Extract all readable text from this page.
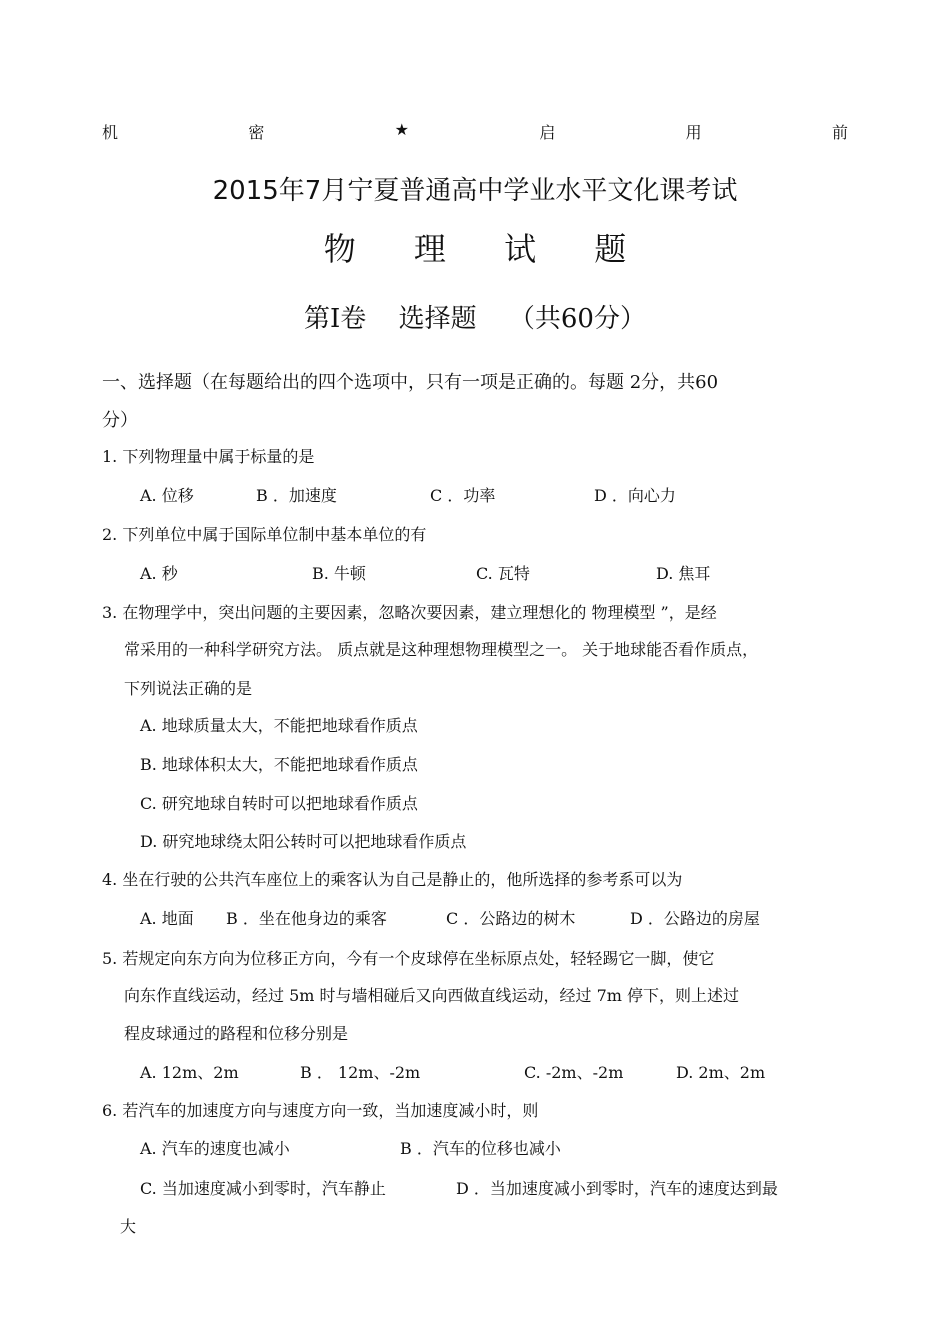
机	密	★	启	用	前
2015年7月宁夏普通高中学业水平文化课考试
物 理 试 题
第Ⅰ卷 选择题 （共60分）
一、选择题（在每题给出的四个选项中，只有一项是正确的。每题 2分，共60
分）
1. 下列物理量中属于标量的是
A. 位移	B ．加速度	C ．功率	D ．向心力
2. 下列单位中属于国际单位制中基本单位的有
A. 秒	B. 牛顿	C. 瓦特	D. 焦耳
3. 在物理学中，突出问题的主要因素，忽略次要因素，建立理想化的 物理模型 ”，是经
常采用的一种科学研究方法。 质点就是这种理想物理模型之一。 关于地球能否看作质点，
下列说法正确的是
A. 地球质量太大，不能把地球看作质点
B. 地球体积太大，不能把地球看作质点
C. 研究地球自转时可以把地球看作质点
D. 研究地球绕太阳公转时可以把地球看作质点
4. 坐在行驶的公共汽车座位上的乘客认为自己是静止的，他所选择的参考系可以为
A. 地面 B ．坐在他身边的乘客	C ．公路边的树木	D ．公路边的房屋
5. 若规定向东方向为位移正方向，今有一个皮球停在坐标原点处，轻轻踢它一脚，使它
向东作直线运动，经过 5m 时与墙相碰后又向西做直线运动，经过 7m 停下，则上述过
程皮球通过的路程和位移分别是
A. 12m、2m	B ． 12m、-2m	C. -2m、-2m	D. 2m、2m
6. 若汽车的加速度方向与速度方向一致，当加速度减小时，则
A. 汽车的速度也减小	B ．汽车的位移也减小
C. 当加速度减小到零时，汽车静止	D ．当加速度减小到零时，汽车的速度达到最
大
